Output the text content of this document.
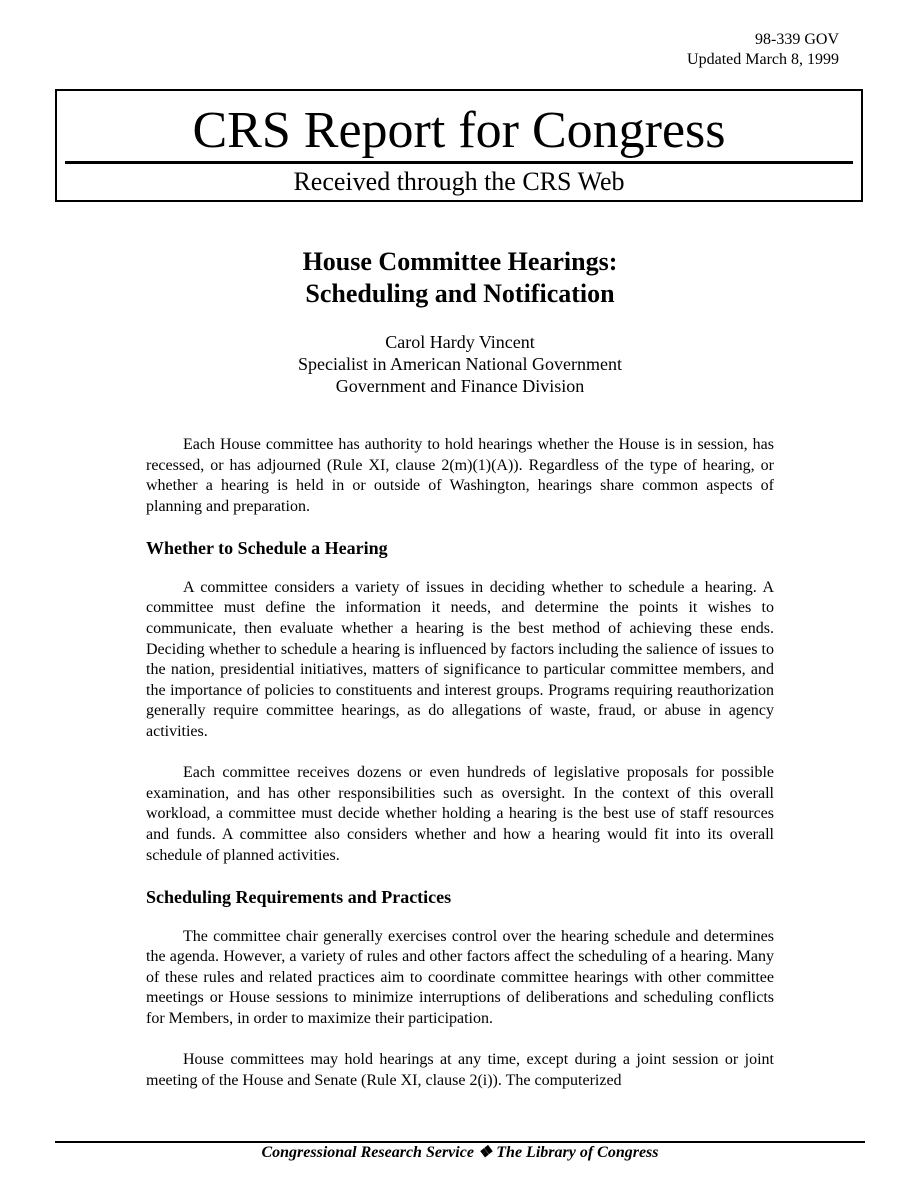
98-339 GOV
Updated March 8, 1999
CRS Report for Congress
Received through the CRS Web
House Committee Hearings:
Scheduling and Notification
Carol Hardy Vincent
Specialist in American National Government
Government and Finance Division

Each House committee has authority to hold hearings whether the House is in session, has recessed, or has adjourned (Rule XI, clause 2(m)(1)(A)). Regardless of the type of hearing, or whether a hearing is held in or outside of Washington, hearings share common aspects of planning and preparation.

Whether to Schedule a Hearing

A committee considers a variety of issues in deciding whether to schedule a hearing. A committee must define the information it needs, and determine the points it wishes to communicate, then evaluate whether a hearing is the best method of achieving these ends. Deciding whether to schedule a hearing is influenced by factors including the salience of issues to the nation, presidential initiatives, matters of significance to particular committee members, and the importance of policies to constituents and interest groups. Programs requiring reauthorization generally require committee hearings, as do allegations of waste, fraud, or abuse in agency activities.

Each committee receives dozens or even hundreds of legislative proposals for possible examination, and has other responsibilities such as oversight. In the context of this overall workload, a committee must decide whether holding a hearing is the best use of staff resources and funds. A committee also considers whether and how a hearing would fit into its overall schedule of planned activities.

Scheduling Requirements and Practices

The committee chair generally exercises control over the hearing schedule and determines the agenda. However, a variety of rules and other factors affect the scheduling of a hearing. Many of these rules and related practices aim to coordinate committee hearings with other committee meetings or House sessions to minimize interruptions of deliberations and scheduling conflicts for Members, in order to maximize their participation.

House committees may hold hearings at any time, except during a joint session or joint meeting of the House and Senate (Rule XI, clause 2(i)). The computerized

Congressional Research Service ❖ The Library of Congress
